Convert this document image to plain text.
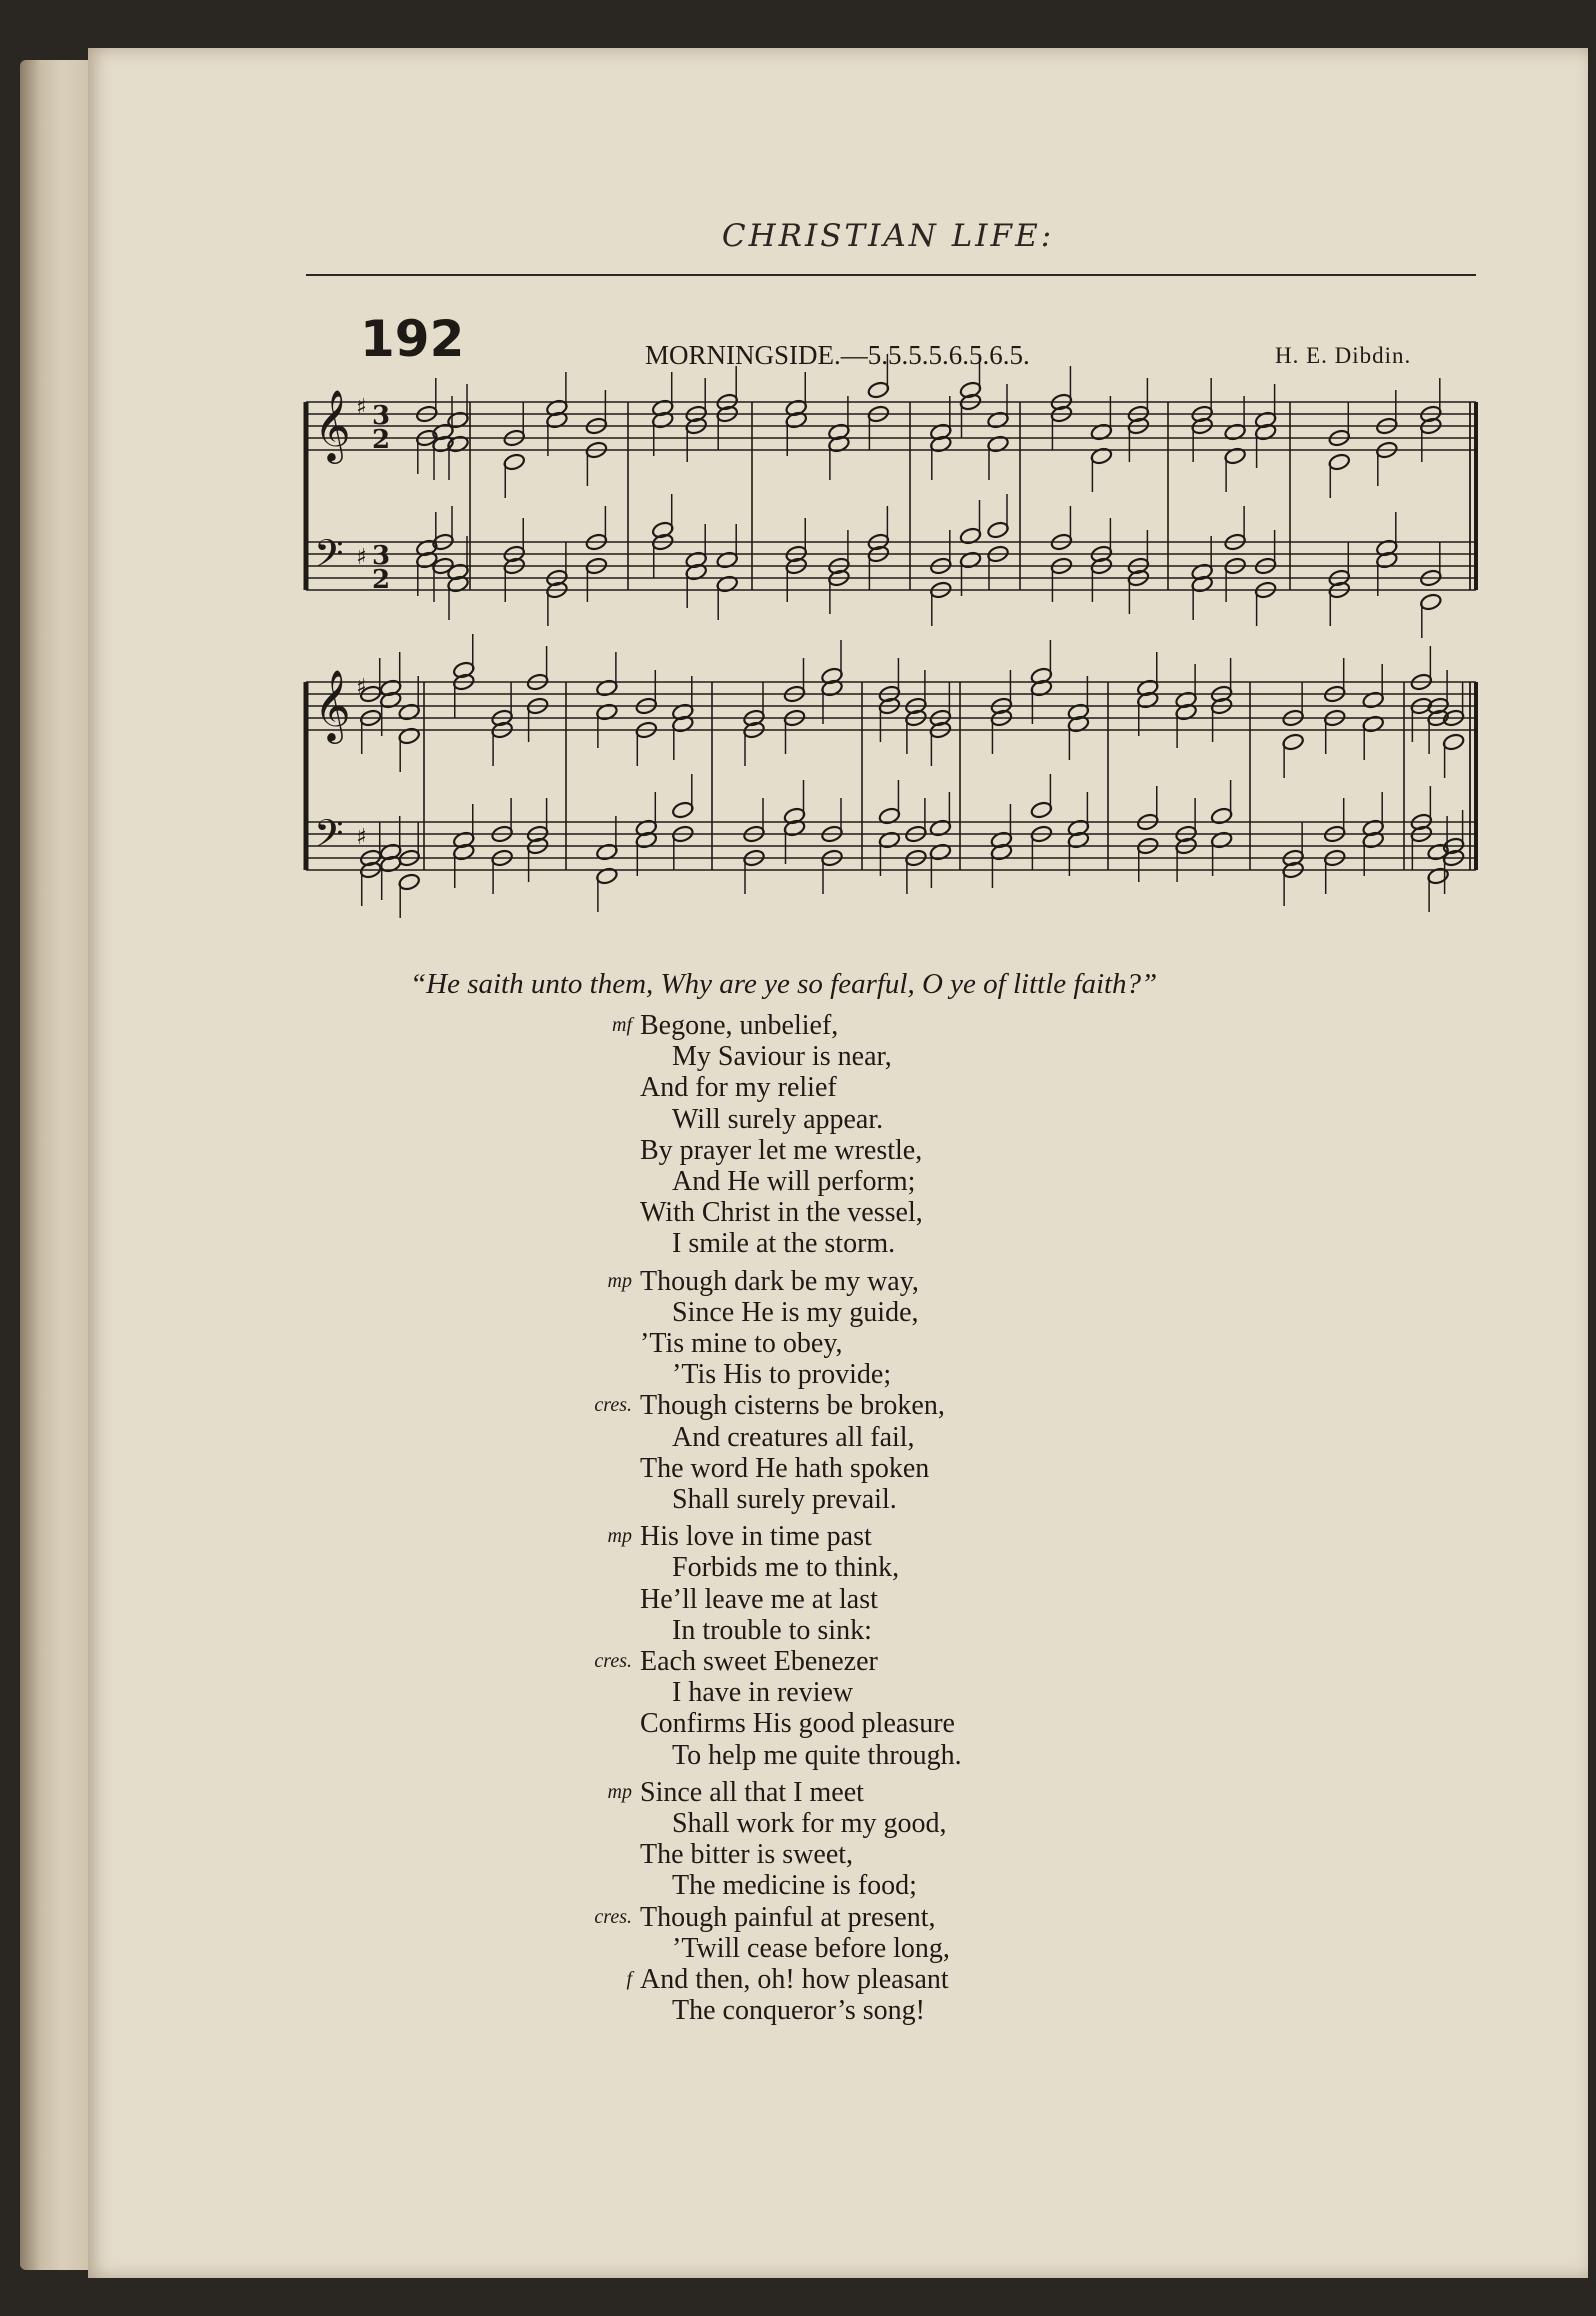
CHRISTIAN LIFE:
192	MORNINGSIDE.—5.5.5.5.6.5.6.5.	H. E. Dibdin.
𝄞 ♯ 3
2
𝄢 ♯ 3
2
𝄞 ♯
𝄢 ♯
“He saith unto them, Why are ye so fearful, O ye of little faith?”
Begone, unbelief,
mf
My Saviour is near,
And for my relief
Will surely appear.
By prayer let me wrestle,
And He will perform;
With Christ in the vessel,
I smile at the storm.
Though dark be my way,
mp
Since He is my guide,
’Tis mine to obey,
’Tis His to provide;
Though cisterns be broken,
cres.
And creatures all fail,
The word He hath spoken
Shall surely prevail.
His love in time past
mp
Forbids me to think,
He’ll leave me at last
In trouble to sink:
Each sweet Ebenezer
cres.
I have in review
Confirms His good pleasure
To help me quite through.
Since all that I meet
mp
Shall work for my good,
The bitter is sweet,
The medicine is food;
Though painful at present,
cres.
’Twill cease before long,
And then, oh! how pleasant
f
The conqueror’s song!
